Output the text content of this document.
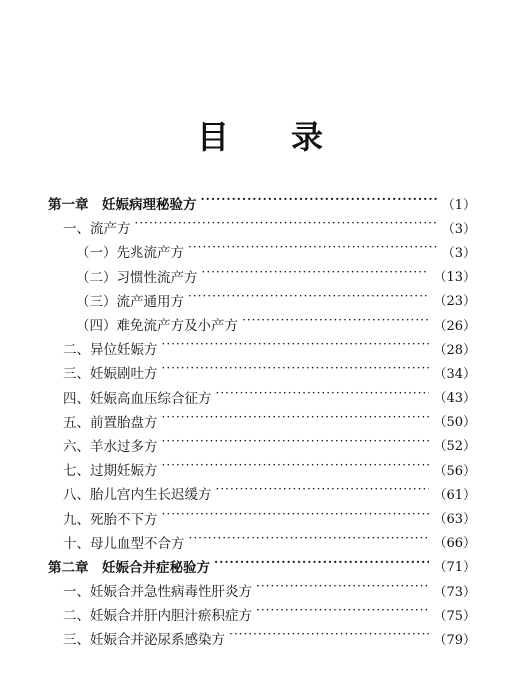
目 录
第一章　妊娠病理秘验方 ·····	（1）
一、流产方 ·····	（3）
（一）先兆流产方 ·····	（3）
（二）习惯性流产方 ·····	（13）
（三）流产通用方 ·····	（23）
（四）难免流产方及小产方 ·····	（26）
二、异位妊娠方 ·····	（28）
三、妊娠剧吐方 ·····	（34）
四、妊娠高血压综合征方 ·····	（43）
五、前置胎盘方 ·····	（50）
六、羊水过多方 ·····	（52）
七、过期妊娠方 ·····	（56）
八、胎儿宫内生长迟缓方 ·····	（61）
九、死胎不下方 ·····	（63）
十、母儿血型不合方 ·····	（66）
第二章　妊娠合并症秘验方 ·····	（71）
一、妊娠合并急性病毒性肝炎方 ·····	（73）
二、妊娠合并肝内胆汁瘀积症方 ·····	（75）
三、妊娠合并泌尿系感染方 ·····	（79）
